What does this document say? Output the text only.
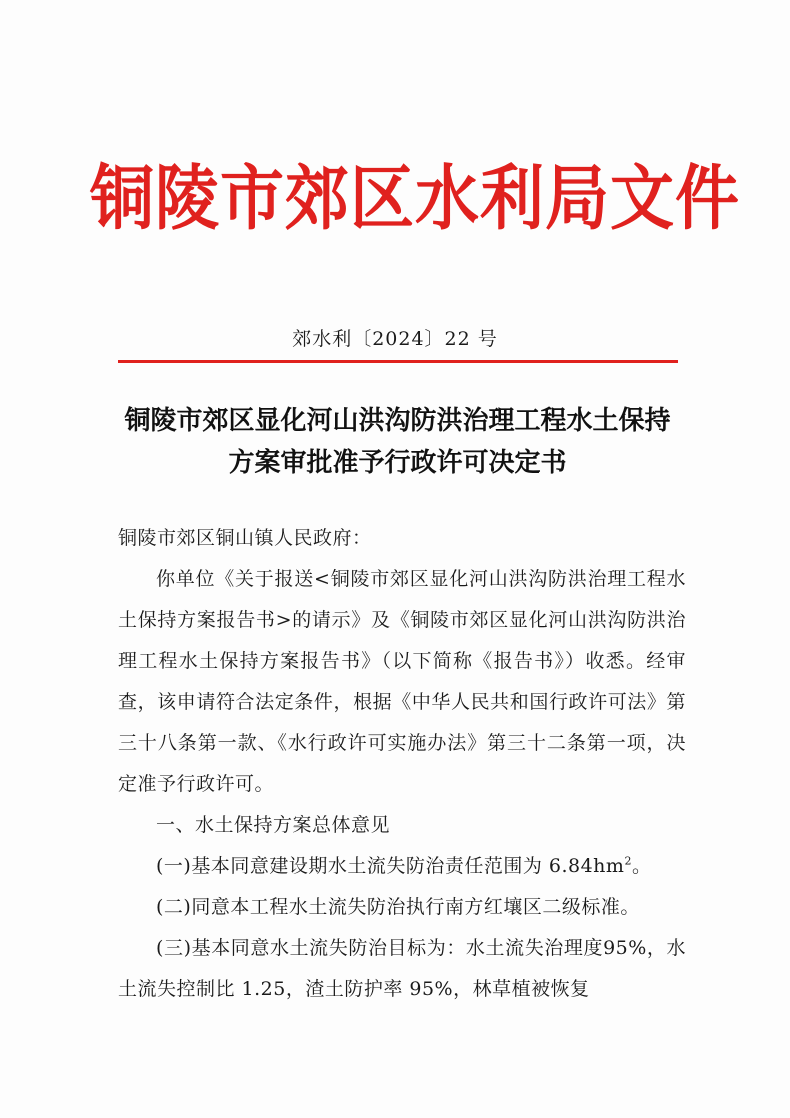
铜陵市郊区水利局文件
郊水利〔2024〕22 号
铜陵市郊区显化河山洪沟防洪治理工程水土保持
方案审批准予行政许可决定书

铜陵市郊区铜山镇人民政府：

你单位《关于报送<铜陵市郊区显化河山洪沟防洪治理工程水土保持方案报告书>的请示》及《铜陵市郊区显化河山洪沟防洪治理工程水土保持方案报告书》（以下简称《报告书》）收悉。经审查，该申请符合法定条件，根据《中华人民共和国行政许可法》第三十八条第一款、《水行政许可实施办法》第三十二条第一项，决定准予行政许可。

一、水土保持方案总体意见

(一)基本同意建设期水土流失防治责任范围为 $6.84hm^2$。

(二)同意本工程水土流失防治执行南方红壤区二级标准。

(三)基本同意水土流失防治目标为：水土流失治理度95%，水土流失控制比 1.25，渣土防护率 95%，林草植被恢复
